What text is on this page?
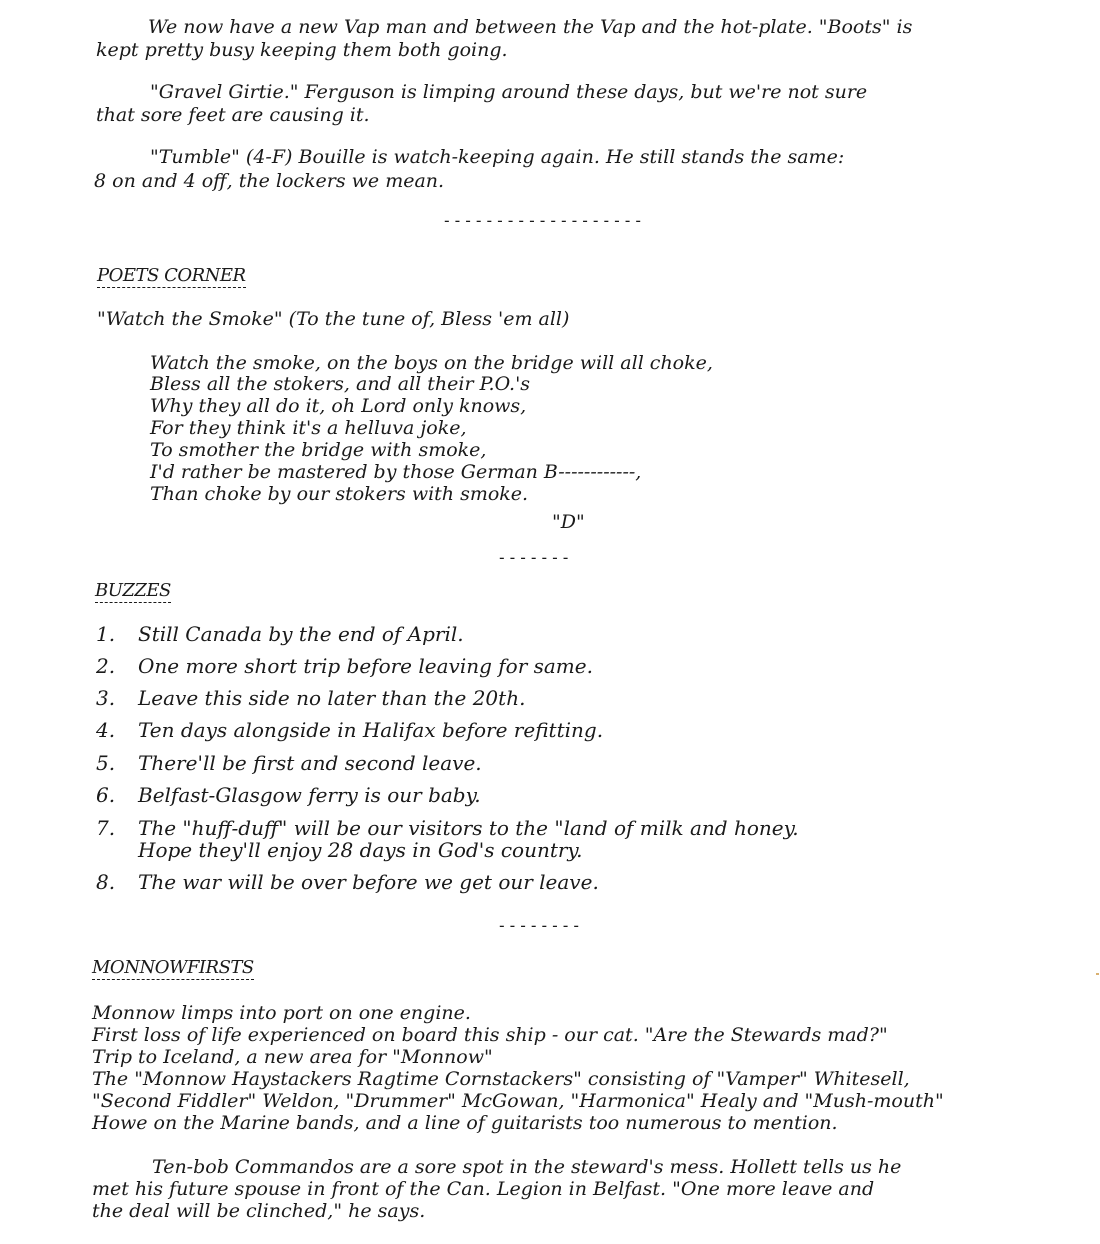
We now have a new Vap man and between the Vap and the hot-plate. "Boots" is
kept pretty busy keeping them both going.
"Gravel Girtie." Ferguson is limping around these days, but we're not sure
that sore feet are causing it.
"Tumble" (4-F) Bouille is watch-keeping again. He still stands the same:
8 on and 4 off, the lockers we mean.
-------------------
POETS CORNER
"Watch the Smoke" (To the tune of, Bless 'em all)
Watch the smoke, on the boys on the bridge will all choke,
Bless all the stokers, and all their P.O.'s
Why they all do it, oh Lord only knows,
For they think it's a helluva joke,
To smother the bridge with smoke,
I'd rather be mastered by those German B------------,
Than choke by our stokers with smoke.
"D"
-------
BUZZES
1. Still Canada by the end of April.
2. One more short trip before leaving for same.
3. Leave this side no later than the 20th.
4. Ten days alongside in Halifax before refitting.
5. There'll be first and second leave.
6. Belfast-Glasgow ferry is our baby.
7. The "huff-duff" will be our visitors to the "land of milk and honey.
Hope they'll enjoy 28 days in God's country.
8. The war will be over before we get our leave.
--------
MONNOWFIRSTS
Monnow limps into port on one engine.
First loss of life experienced on board this ship - our cat. "Are the Stewards mad?"
Trip to Iceland, a new area for "Monnow"
The "Monnow Haystackers Ragtime Cornstackers" consisting of "Vamper" Whitesell,
"Second Fiddler" Weldon, "Drummer" McGowan, "Harmonica" Healy and "Mush-mouth"
Howe on the Marine bands, and a line of guitarists too numerous to mention.
Ten-bob Commandos are a sore spot in the steward's mess. Hollett tells us he
met his future spouse in front of the Can. Legion in Belfast. "One more leave and
the deal will be clinched," he says.
